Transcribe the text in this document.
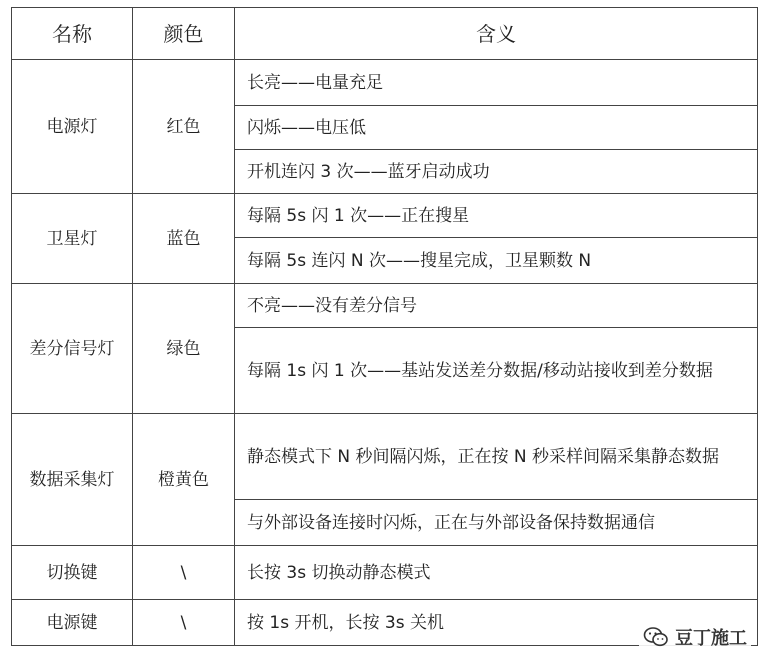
名称	颜色	含义
电源灯	红色	长亮——电量充足
		闪烁——电压低
		开机连闪 3 次——蓝牙启动成功
卫星灯	蓝色	每隔 5s 闪 1 次——正在搜星
		每隔 5s 连闪 N 次——搜星完成，卫星颗数 N
差分信号灯	绿色	不亮——没有差分信号
		每隔 1s 闪 1 次——基站发送差分数据/移动站接收到差分数据
数据采集灯	橙黄色	静态模式下 N 秒间隔闪烁，正在按 N 秒采样间隔采集静态数据
		与外部设备连接时闪烁，正在与外部设备保持数据通信
切换键	\	长按 3s 切换动静态模式
电源键	\	按 1s 开机，长按 3s 关机
豆丁施工
